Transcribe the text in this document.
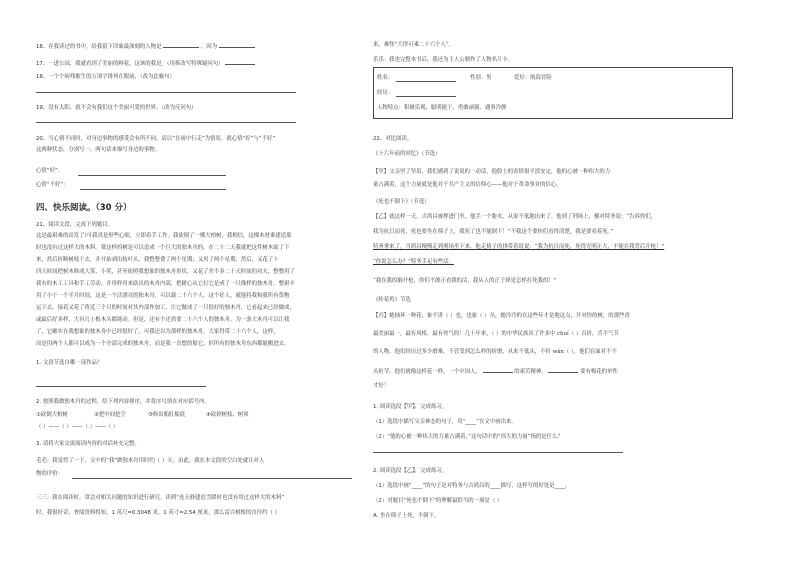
18、在我读过的书中，给我留下印象最深刻的人物是	，因为
17、一进公园，我就看到了美丽的鲜花，这该的我是。（用拆改写特殊疑问句）
18、一个个病残摧生的万项字排列在眼前，（改为比喻句）
19、没有太阳，就不会有我们这个美丽可爱的世界。（改为反问句）
20、当心情不同时，对身边事物的感受会有所不同。请以“在雨中行走”为情景，就心情“好”与“不好”
这两种状态，分别写一、两句话来描写身边的事物。
心情“好”：
心情“不好”：
四、快乐阅读。（30 分）
21、阅读文段，完成下列题目。
这是最艰难的出发了!可我真是形些心烦，立即着手工作。我砍倒了一棵大柏树，我相信，这棵木材谁建造那
时也没有过这样大的木料。费这样的树是可以造成一个巨大的独木舟的，在二十二天我就把这件树木砍了下
来，然后折断树枝干去，并开始剥出枝叶头，我整整费了两个星期；又用了两个星期，然后，又花了十
四天时间把树木修成大荚、小荚，甚至依照我想象的独木舟形状，又花了差不多二十天时间的功夫，整整用了
我有的木工工具和手工劳动、并用样用来砍出的木舟内部，把耐心从它打它是成了一只像样的独木舟。整艰辛
用了小于一个半月时间，这是一个活漂亮的独木舟，可以载二十六个人。这个好人，就能将我和我所有货物
运下去。接着又花了将近三个月的时间对其内部作加工，让它做成了一只很好的独木舟，它看起来已经做成，
或最后好多样、大有几十根木头都能动。但是，还有个还需要二十六个人的独木舟。为一条大木舟可以让我
了，它确实在我想象的独木舟中已经很好了，可我还以为那样的独木舟，大家得带二十六个人，这样，
而是用两个人都可以成为一个全部完成的独木舟，而是我一直想的船它，但所有的独木舟东西都能搬进去。
1. 文段节选自哪一部作品？
2. 按照我做独木舟的过程，给下列内容排序，并将序号填在对应括号内。
①砍倒大柏树	②把中间挖空	③修出船肚船底	④砍掉树枝、树须
（ ）——（ ）——（ ）——（ ）
3. 请将大家交流阅读内容的对话补充完整。
毛毛：我觉得了一下，文中的“我”做独木舟用时约（ ）天。由此，我在本文段的空白处就让对人
物的评价：
三三：我在阅读时，常会对相关问题的知识进行研究。读到“连天驿建造雪暖时也没有用过这样大的木料”
时，我很好奇，查阅资料得知，1 英尺=0.3048 米，1 英寸=2.54 厘米，那么雷百树根的直径约（ ）
米，难怪“大得可乘二十六个人”。
乐乐：我也完整本书后，我还为主人公制作了人物名片卡。
姓名：	性别：男	爱好：航海冒险
经历：
人物特点：积极乐观、聪明能干、勇敢顽强、遇事冷静
22、对比阅读。
《十六年前的回忆》（节选）
【甲】父亲坚了坚眉，我们感到了说说的一动话，他脸上的表情很平淡安定，他的心被一种伟大的力
量占满着，这个力量就是他对于共产主义的信仰心——他对于革命事业的信心。
《死也不倒下》（节选）
【乙】就这样一天，吉鸿昌被押进门坐，他手一个胁夹，从家不低地出来了。他到了刑场上，横对特务说：“告诉你们，
我为抗日而死，死也要坐在椅子上，我死了也不能倒下！”不我这个要你们看得清楚，我是要看着死。”
特务拿来了，当鸿昌慢慢走到刑场坐下来，他走椅子的排带着说说：“我为抗日而死，死得光明正大，不能在我背后开枪！”
“你说怎么办？”特务手足有些活。
“我在我的脑开枪，你们不敢正看我的活，我从人的正子弹是怎样打死我的！”
《桂花鸡》节选
【丙】她抽坏一种花，象不讲（ ）也，也象（ ）丛，她冷冷的在这些年才是地这点，开对你的树，的那些香
最美丽最一，最有风格，最有骨气的！几十年来，（ ）的中华民族出了许多中 chuí（ ）百折，肯不气节
的人物，他们经历过多少磨难，不管受到怎么样的折磨，从来不低头，不折 wǎn（ ），他们在面对不不
头折节，他们就像这样花一样，一个中国人，	的艰苦精神，	要有梅花的单性
才好！
1. 阅读选段【甲】，完成练习。
（1）选段中描写父亲神态的句子，用“____”在文中画出来。
（2）“他的心被一种伟大的力量占满着，”这句话中的“伟大的力量”指的是什么？
2. 阅读选段【乙】，完成练习。
（1）选段中画“____”的句子是对特务与吉鸿昌的____描写，这样写的好处是____。
（2）对题目“死也不倒下”的理解最恰当的一项是（ ）
A. 坐在椅子上死，不倒下。
